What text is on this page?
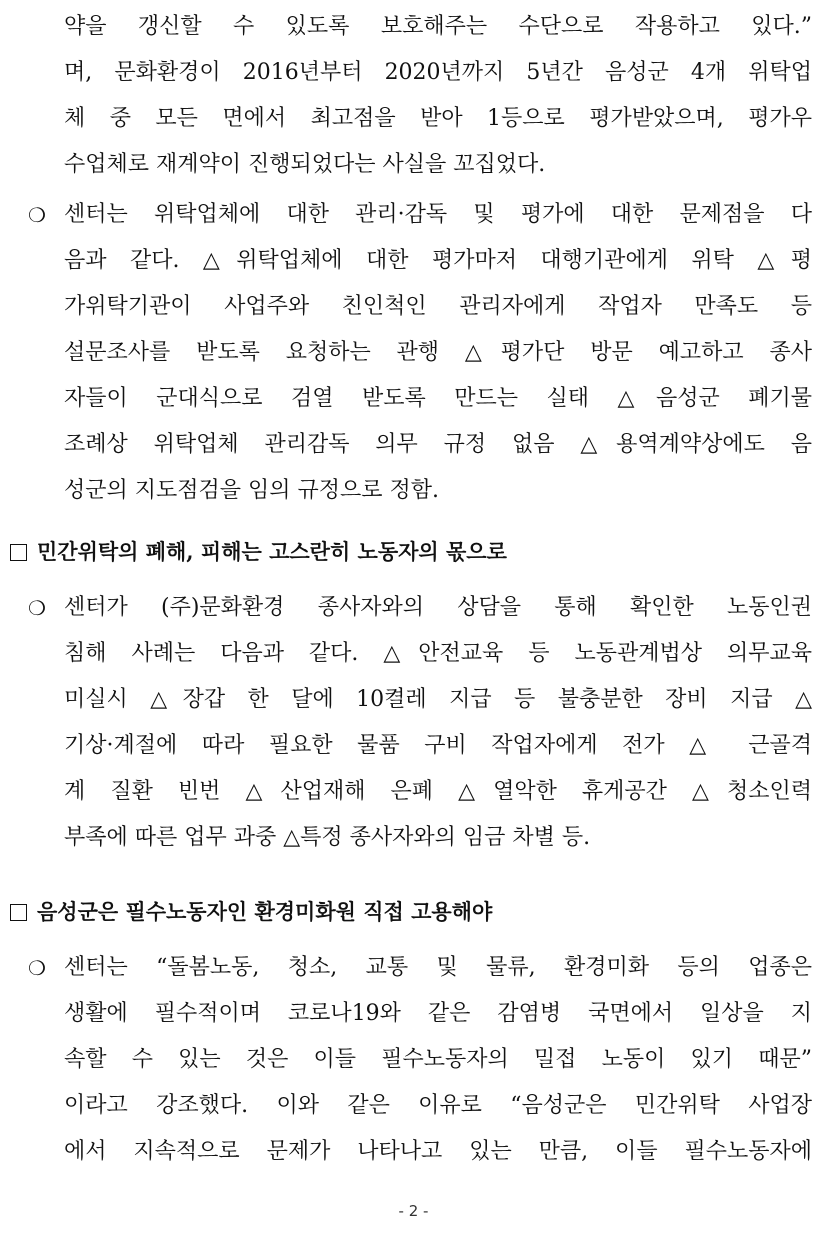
약을 갱신할 수 있도록 보호해주는 수단으로 작용하고 있다.”
며, 문화환경이 2016년부터 2020년까지 5년간 음성군 4개 위탁업
체 중 모든 면에서 최고점을 받아 1등으로 평가받았으며, 평가우
수업체로 재계약이 진행되었다는 사실을 꼬집었다.
❍ 센터는 위탁업체에 대한 관리·감독 및 평가에 대한 문제점을 다
음과 같다. △위탁업체에 대한 평가마저 대행기관에게 위탁 △평
가위탁기관이 사업주와 친인척인 관리자에게 작업자 만족도 등
설문조사를 받도록 요청하는 관행 △평가단 방문 예고하고 종사
자들이 군대식으로 검열 받도록 만드는 실태 △음성군 폐기물
조례상 위탁업체 관리감독 의무 규정 없음 △용역계약상에도 음
성군의 지도점검을 임의 규정으로 정함.
민간위탁의 폐해, 피해는 고스란히 노동자의 몫으로
❍ 센터가 (주)문화환경 종사자와의 상담을 통해 확인한 노동인권
침해 사례는 다음과 같다. △안전교육 등 노동관계법상 의무교육
미실시 △장갑 한 달에 10켤레 지급 등 불충분한 장비 지급 △
기상·계절에 따라 필요한 물품 구비 작업자에게 전가 △ 근골격
계 질환 빈번 △산업재해 은폐 △열악한 휴게공간 △청소인력
부족에 따른 업무 과중 △특정 종사자와의 임금 차별 등.
음성군은 필수노동자인 환경미화원 직접 고용해야
❍ 센터는 “돌봄노동, 청소, 교통 및 물류, 환경미화 등의 업종은
생활에 필수적이며 코로나19와 같은 감염병 국면에서 일상을 지
속할 수 있는 것은 이들 필수노동자의 밀접 노동이 있기 때문”
이라고 강조했다. 이와 같은 이유로 “음성군은 민간위탁 사업장
에서 지속적으로 문제가 나타나고 있는 만큼, 이들 필수노동자에
- 2 -
